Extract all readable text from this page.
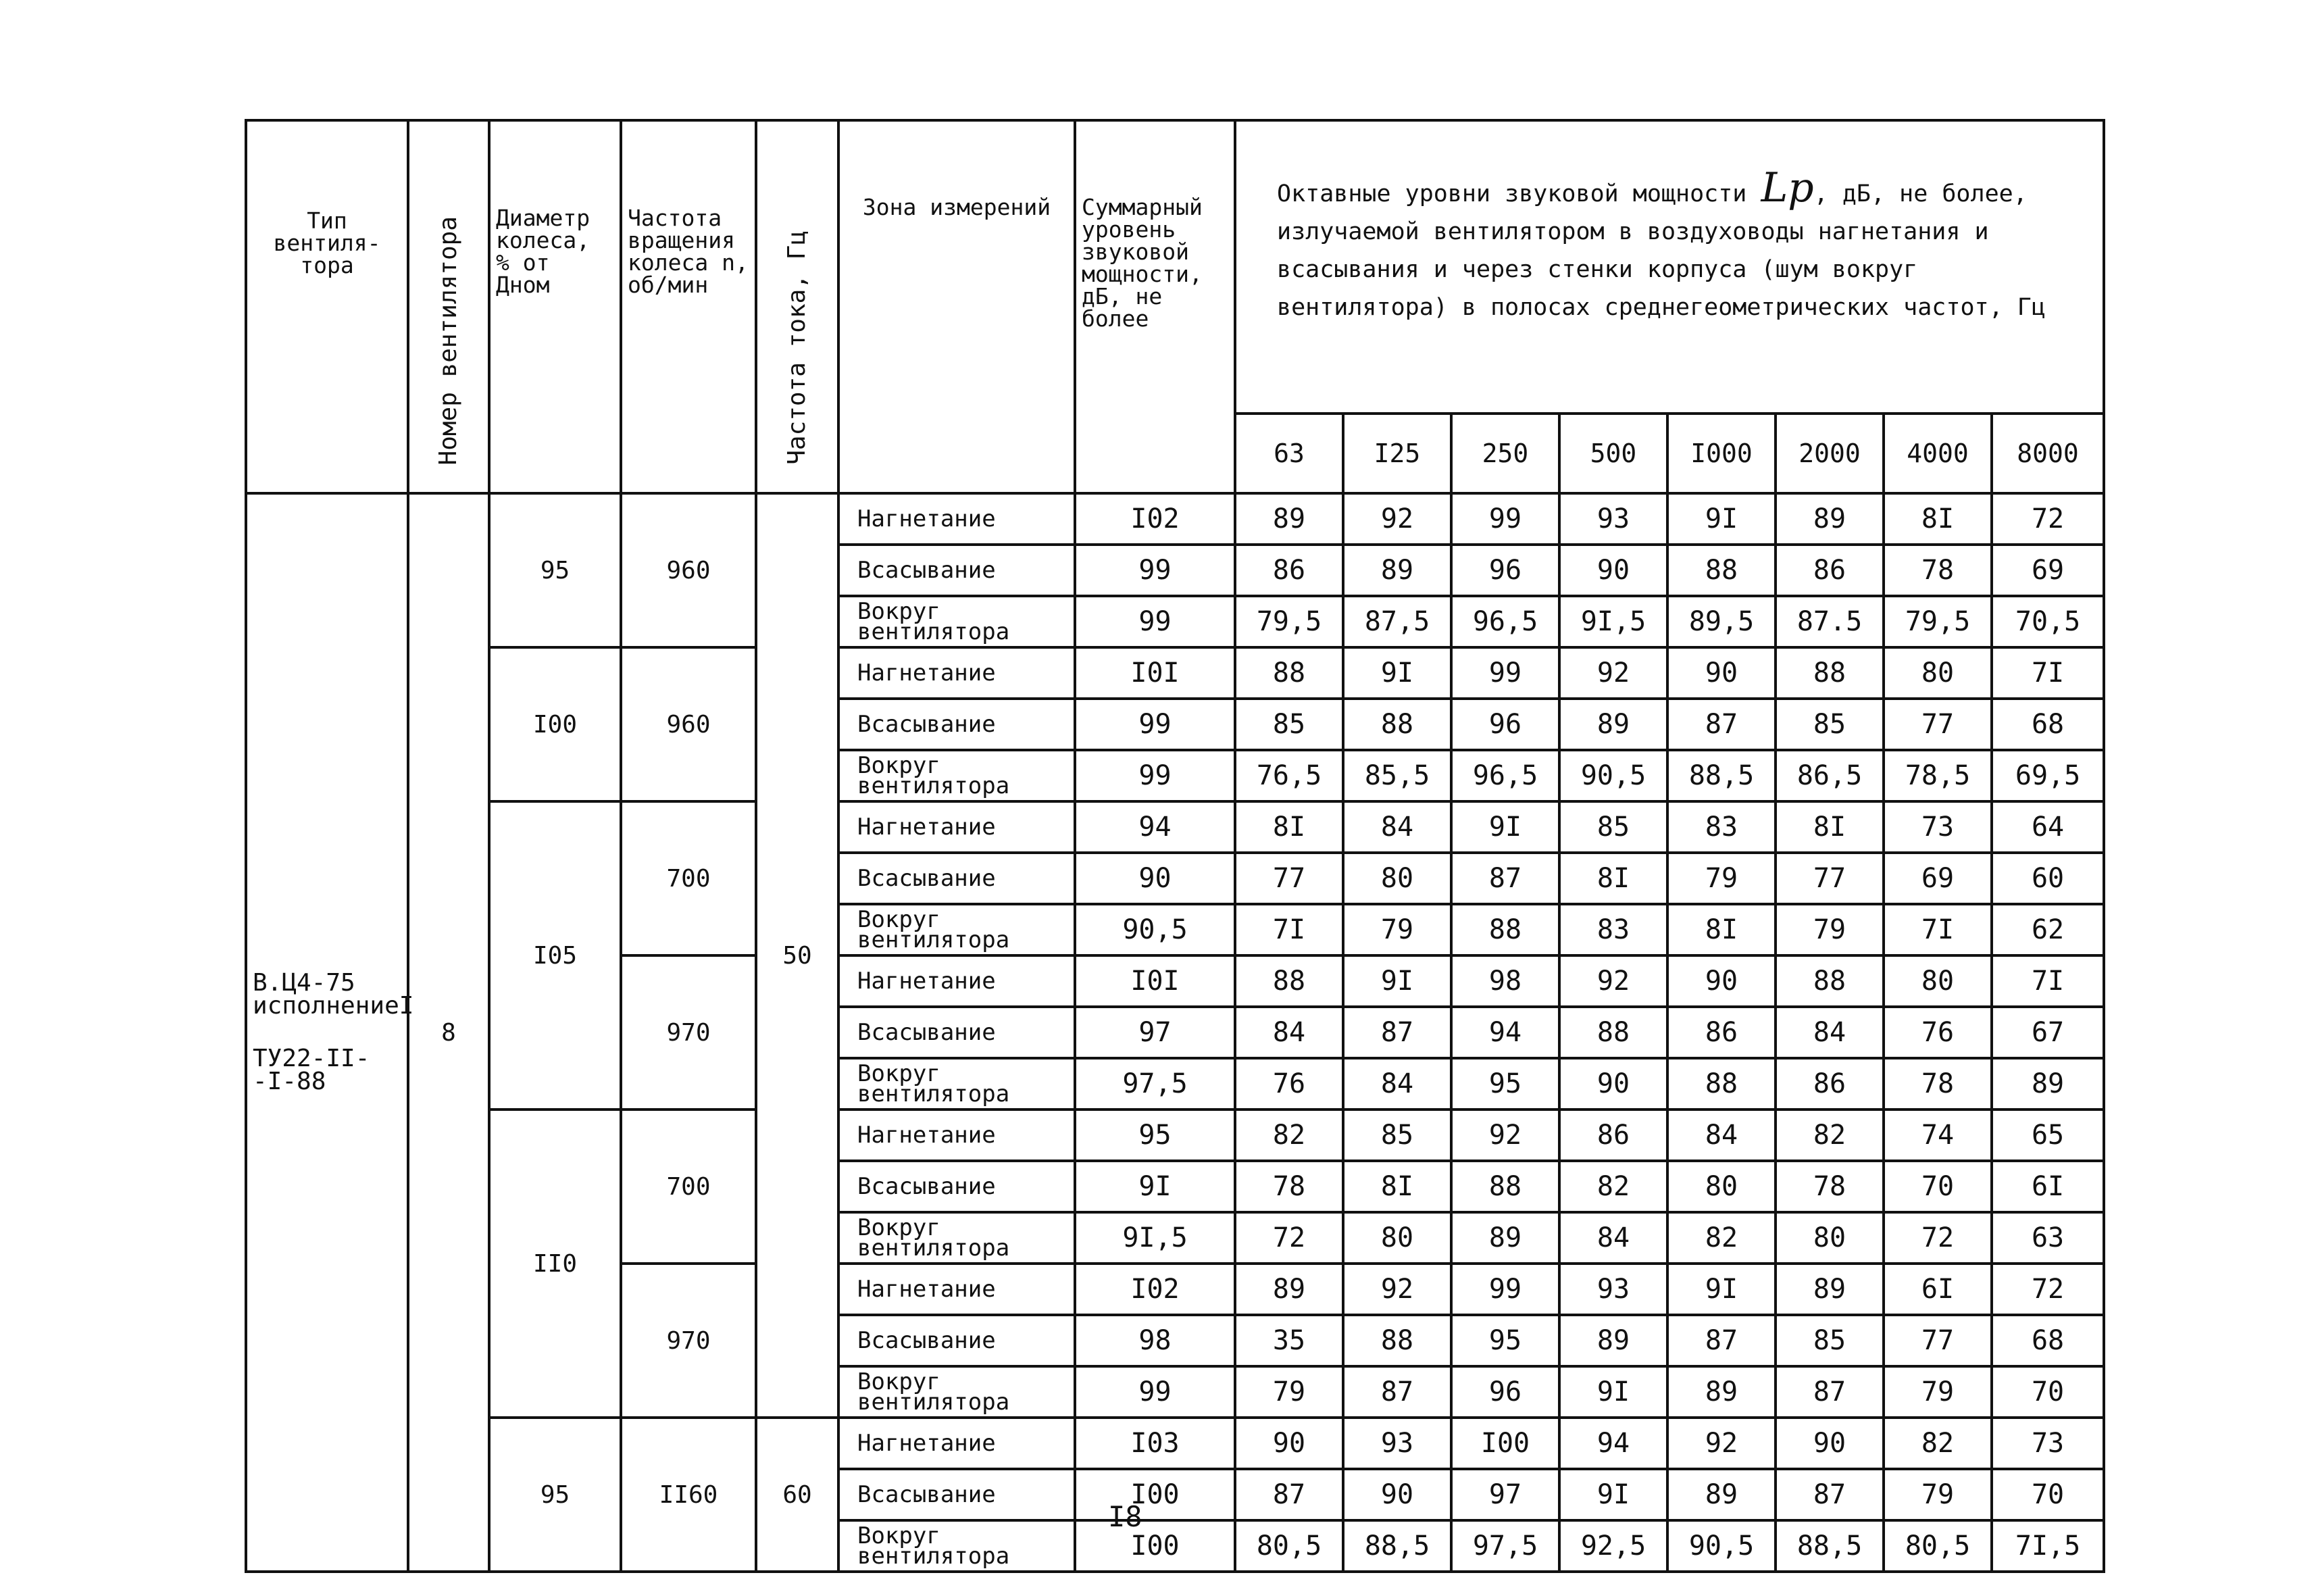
Тип вентиля-тора	Номер вентилятора	Диаметр колеса, % от Дном	Частота вращения колеса n, об/мин	Частота тока, Гц	Зона измерений	Суммарный уровень звуковой мощности, дБ, не более	Октавные уровни звуковой мощности Lp, дБ, не более, излучаемой вентилятором в воздуховоды нагнетания и всасывания и через стенки корпуса (шум вокруг вентилятора) в полосах среднегеометрических частот, Гц							
							63	I25	250	500	I000	2000	4000	8000

В.Ц4-75
исполнениеI
ТУ22-II-
-I-88	8	95	960	50	Нагнетание	I02	89	92	99	93	9I	89	8I	72
					Всасывание	99	86	89	96	90	88	86	78	69
					Вокруг вентилятора	99	79,5	87,5	96,5	9I,5	89,5	87.5	79,5	70,5
		I00	960		Нагнетание	I0I	88	9I	99	92	90	88	80	7I
					Всасывание	99	85	88	96	89	87	85	77	68
					Вокруг вентилятора	99	76,5	85,5	96,5	90,5	88,5	86,5	78,5	69,5
		I05	700		Нагнетание	94	8I	84	9I	85	83	8I	73	64
					Всасывание	90	77	80	87	8I	79	77	69	60
					Вокруг вентилятора	90,5	7I	79	88	83	8I	79	7I	62
			970		Нагнетание	I0I	88	9I	98	92	90	88	80	7I
					Всасывание	97	84	87	94	88	86	84	76	67
					Вокруг вентилятора	97,5	76	84	95	90	88	86	78	89
		II0	700		Нагнетание	95	82	85	92	86	84	82	74	65
					Всасывание	9I	78	8I	88	82	80	78	70	6I
					Вокруг вентилятора	9I,5	72	80	89	84	82	80	72	63
			970		Нагнетание	I02	89	92	99	93	9I	89	6I	72
					Всасывание	98	35	88	95	89	87	85	77	68
					Вокруг вентилятора	99	79	87	96	9I	89	87	79	70
		95	II60	60	Нагнетание	I03	90	93	I00	94	92	90	82	73
					Всасывание	I00	87	90	97	9I	89	87	79	70
					Вокруг вентилятора	I00	80,5	88,5	97,5	92,5	90,5	88,5	80,5	7I,5
I8
